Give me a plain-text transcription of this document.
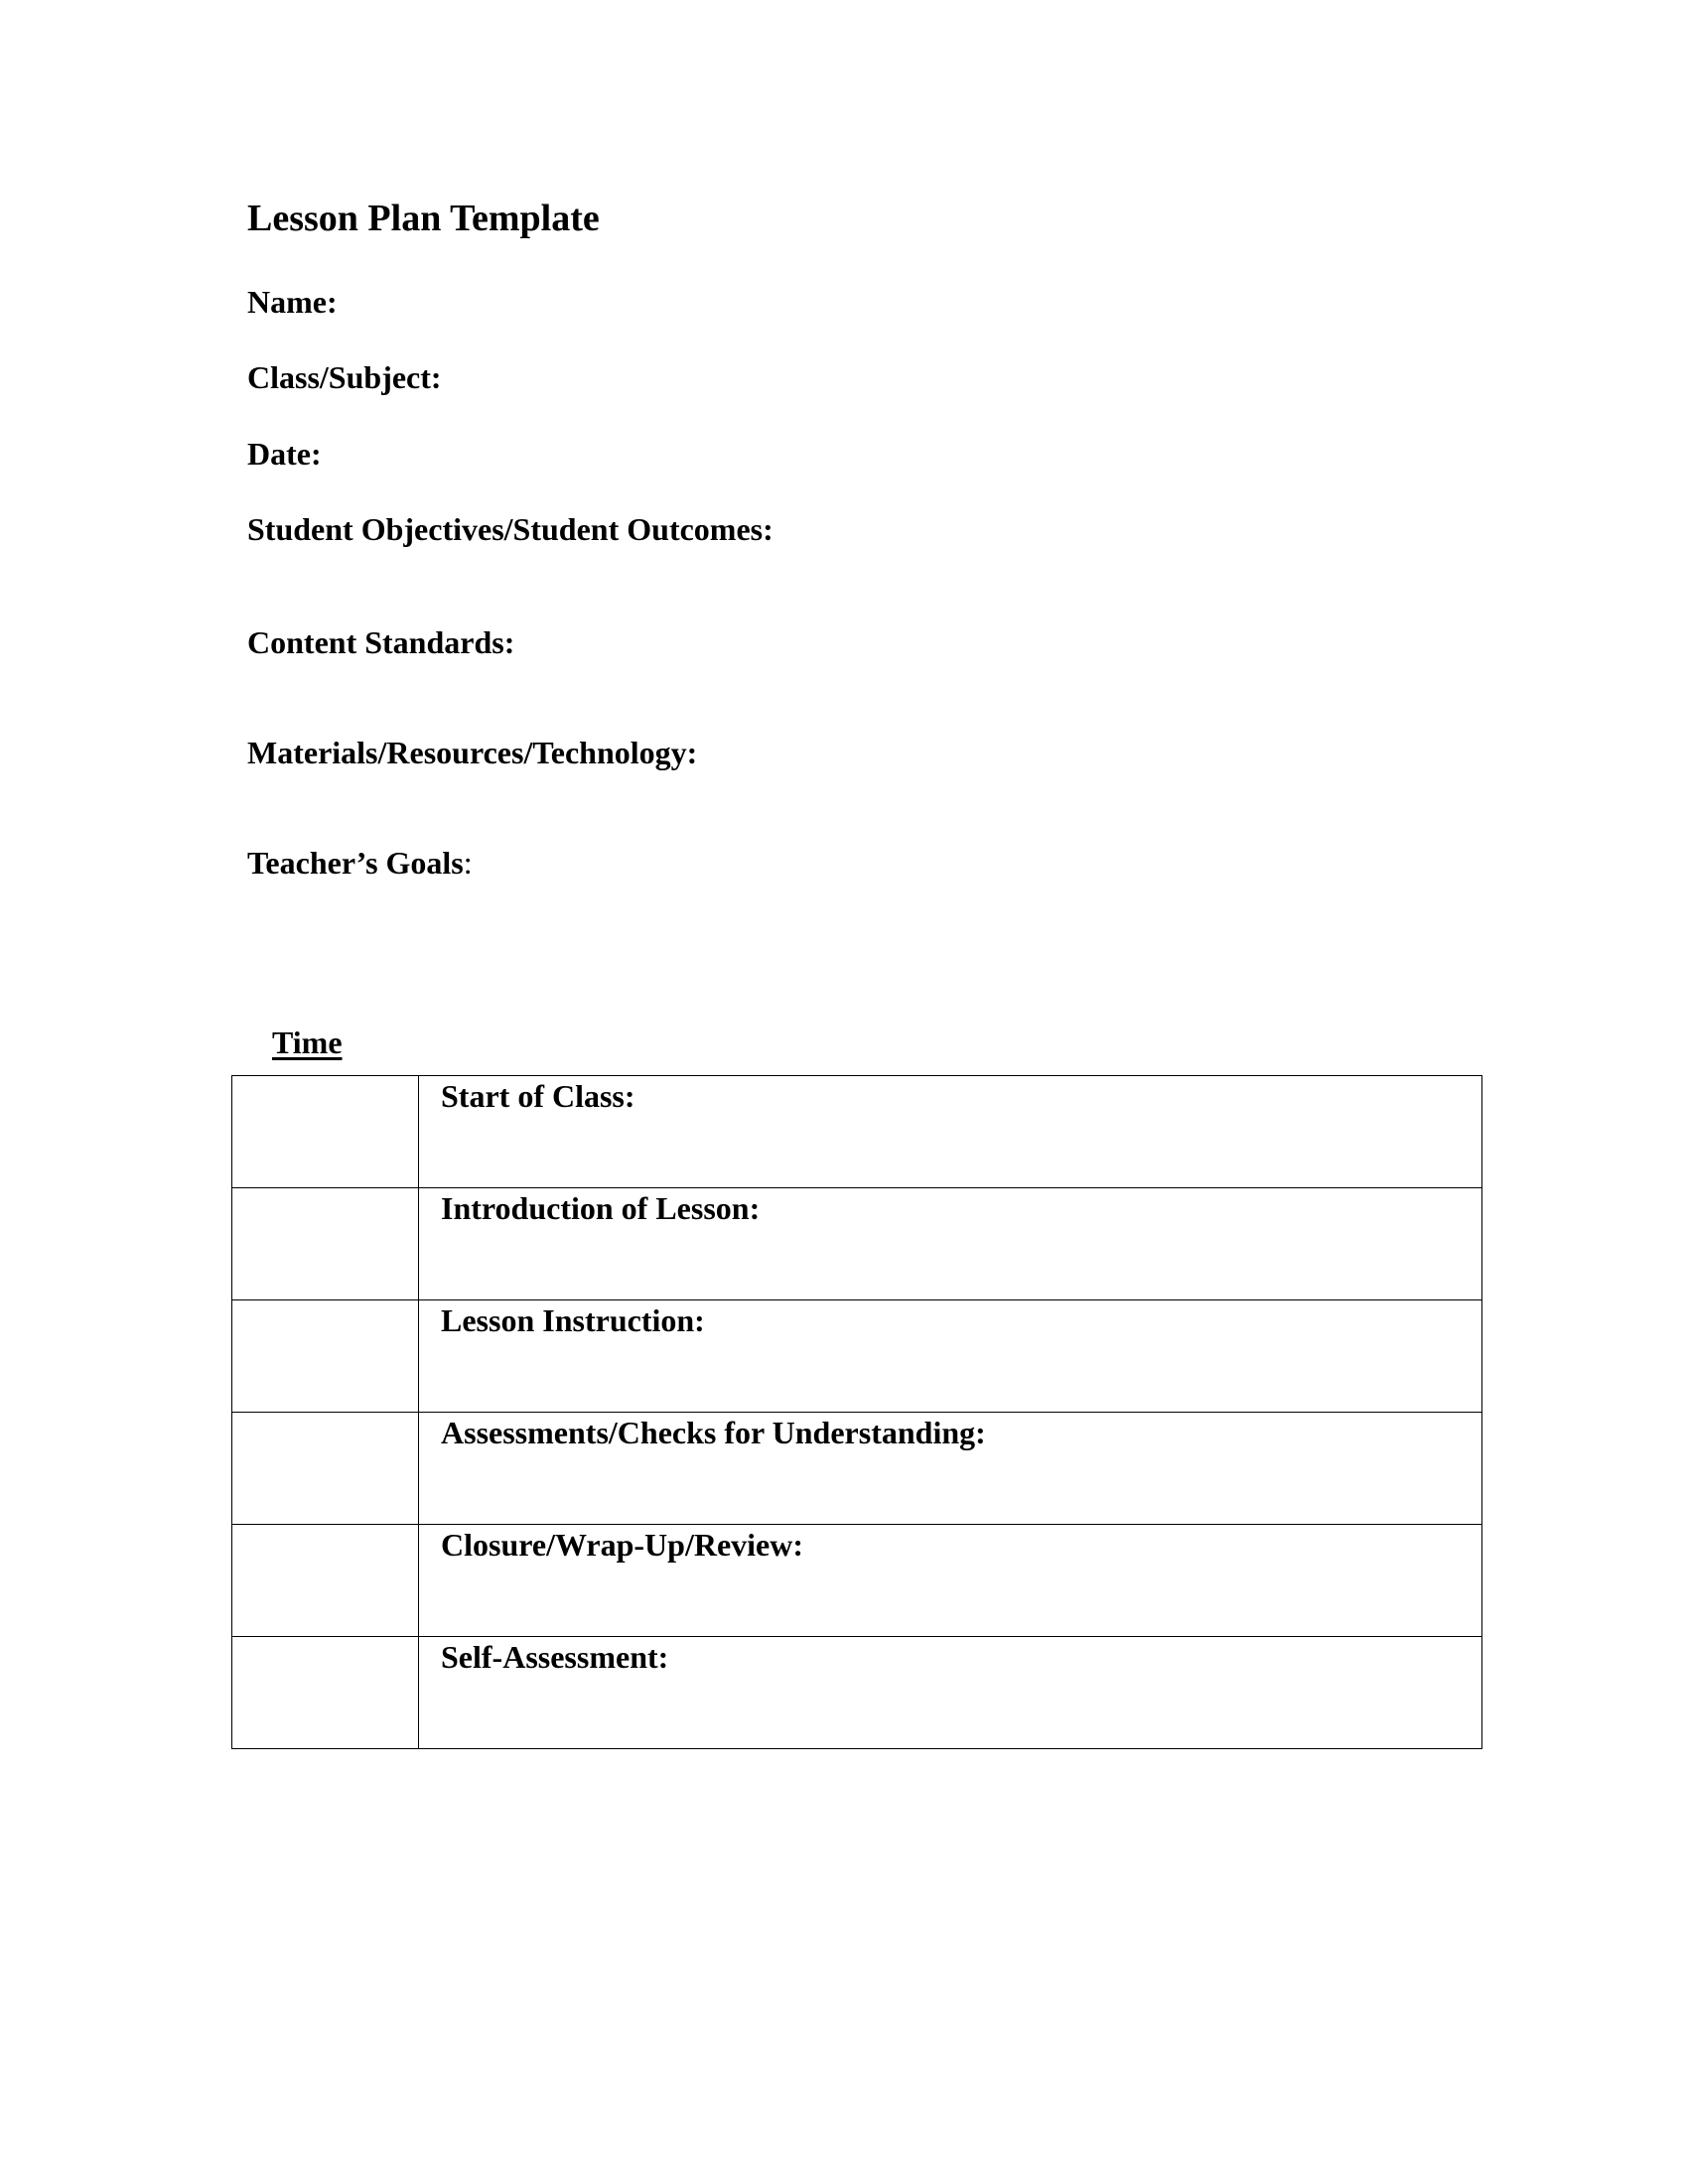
Lesson Plan Template
Name:
Class/Subject:
Date:
Student Objectives/Student Outcomes:
Content Standards:
Materials/Resources/Technology:
Teacher’s Goals:
Time

	Start of Class:

	Introduction of Lesson:

	Lesson Instruction:

	Assessments/Checks for Understanding:

	Closure/Wrap-Up/Review:

	Self-Assessment:
